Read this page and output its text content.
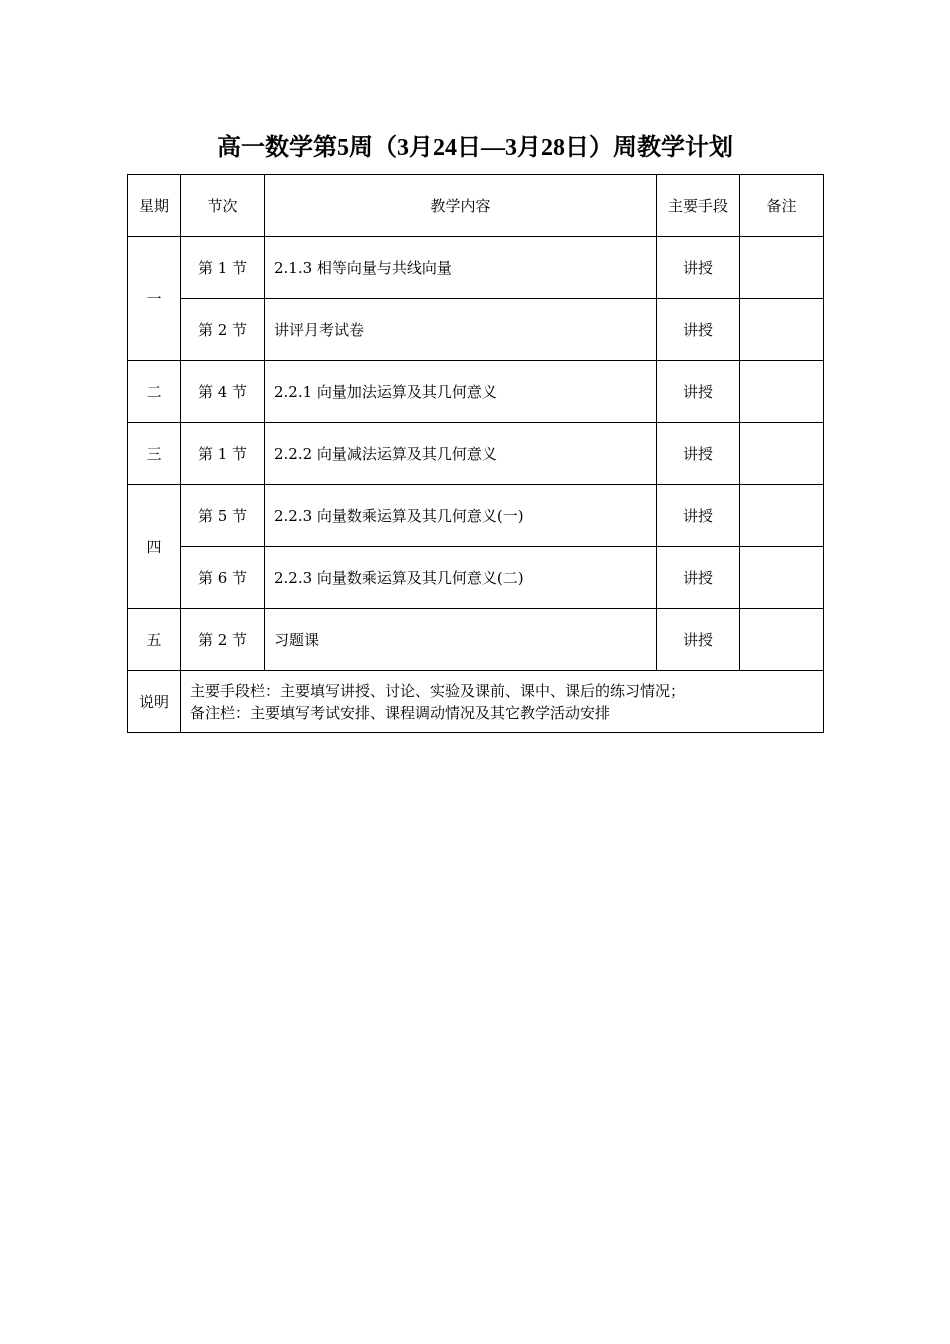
高一数学第5周（3月24日—3月28日）周教学计划
星期	节次	教学内容	主要手段	备注
一	第 1 节	2.1.3 相等向量与共线向量	讲授	
	第 2 节	讲评月考试卷	讲授	
二	第 4 节	2.2.1 向量加法运算及其几何意义	讲授	
三	第 1 节	2.2.2 向量减法运算及其几何意义	讲授	
四	第 5 节	2.2.3 向量数乘运算及其几何意义(一)	讲授	
	第 6 节	2.2.3 向量数乘运算及其几何意义(二)	讲授	
五	第 2 节	习题课	讲授	
说明	主要手段栏：主要填写讲授、讨论、实验及课前、课中、课后的练习情况；
备注栏：主要填写考试安排、课程调动情况及其它教学活动安排			
